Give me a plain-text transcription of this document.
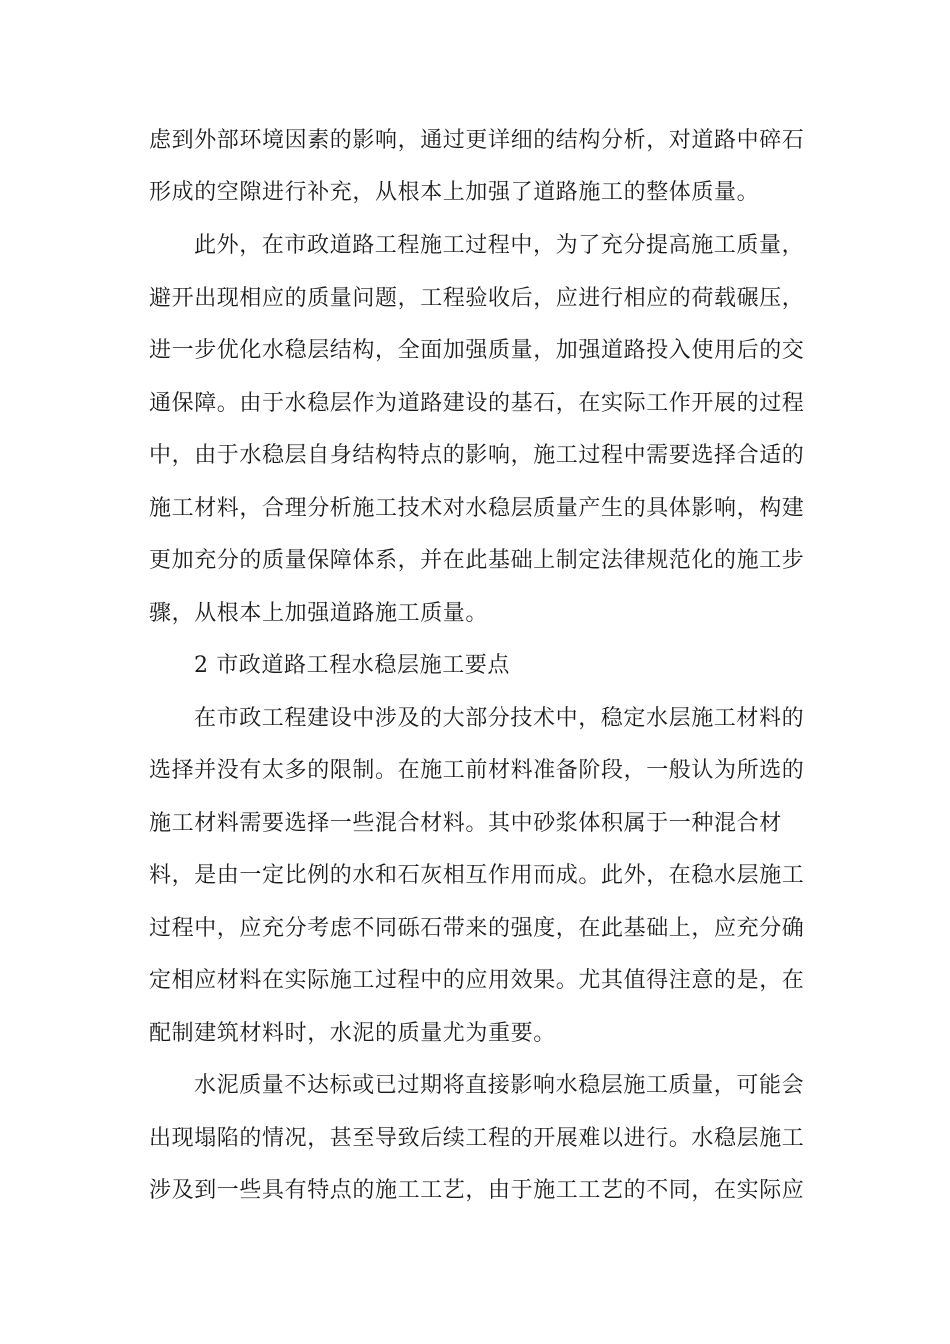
虑到外部环境因素的影响，通过更详细的结构分析，对道路中碎石
形成的空隙进行补充，从根本上加强了道路施工的整体质量。
此外，在市政道路工程施工过程中，为了充分提高施工质量，
避开出现相应的质量问题，工程验收后，应进行相应的荷载碾压，
进一步优化水稳层结构，全面加强质量，加强道路投入使用后的交
通保障。由于水稳层作为道路建设的基石，在实际工作开展的过程
中，由于水稳层自身结构特点的影响，施工过程中需要选择合适的
施工材料，合理分析施工技术对水稳层质量产生的具体影响，构建
更加充分的质量保障体系，并在此基础上制定法律规范化的施工步
骤，从根本上加强道路施工质量。
2 市政道路工程水稳层施工要点
在市政工程建设中涉及的大部分技术中，稳定水层施工材料的
选择并没有太多的限制。在施工前材料准备阶段，一般认为所选的
施工材料需要选择一些混合材料。其中砂浆体积属于一种混合材
料，是由一定比例的水和石灰相互作用而成。此外，在稳水层施工
过程中，应充分考虑不同砾石带来的强度，在此基础上，应充分确
定相应材料在实际施工过程中的应用效果。尤其值得注意的是，在
配制建筑材料时，水泥的质量尤为重要。
水泥质量不达标或已过期将直接影响水稳层施工质量，可能会
出现塌陷的情况，甚至导致后续工程的开展难以进行。水稳层施工
涉及到一些具有特点的施工工艺，由于施工工艺的不同，在实际应
